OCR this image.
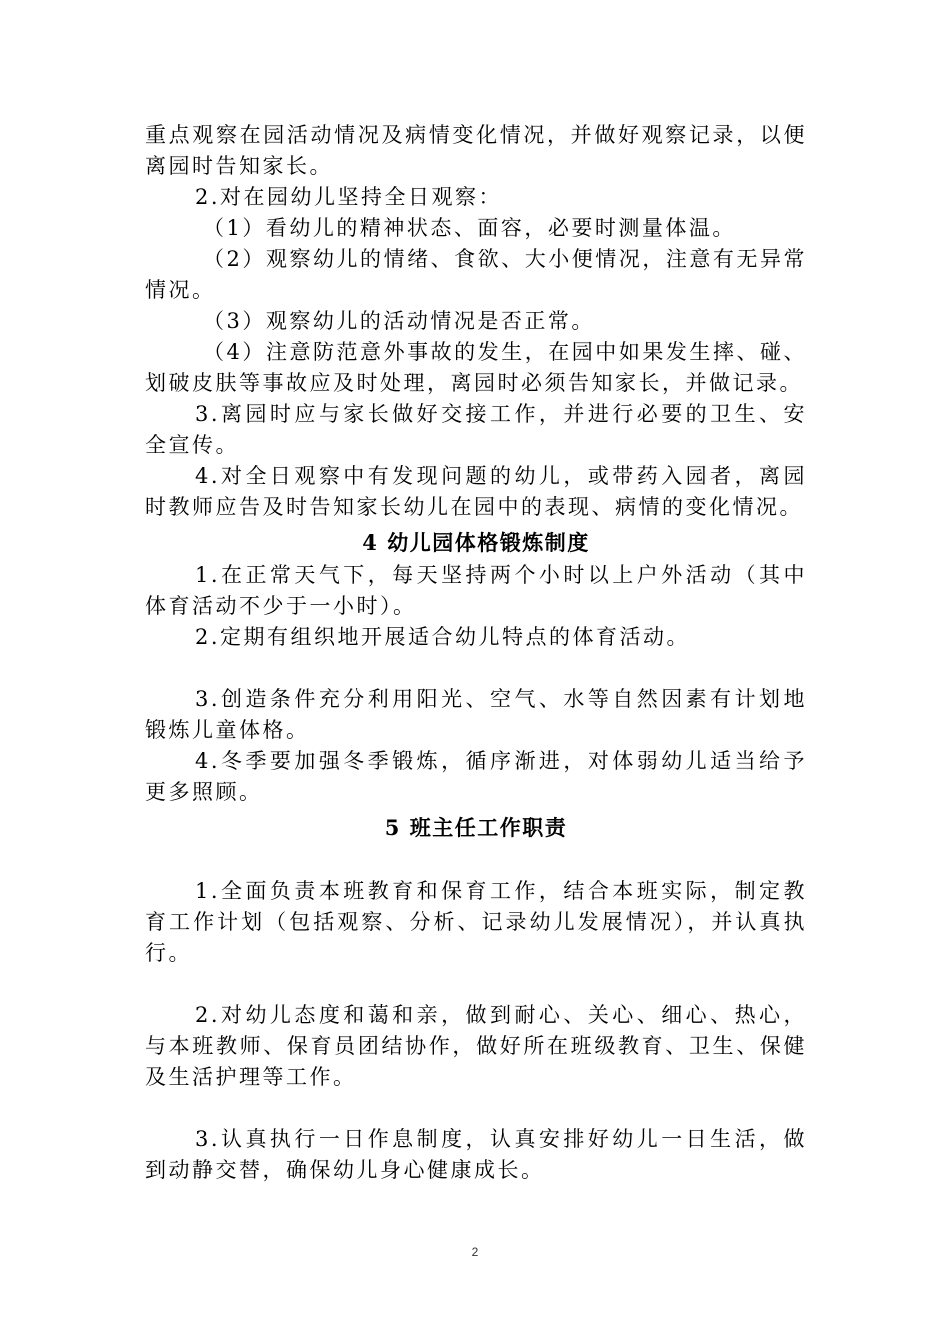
重点观察在园活动情况及病情变化情况，并做好观察记录，以便离园时告知家长。

2.对在园幼儿坚持全日观察：

（1）看幼儿的精神状态、面容，必要时测量体温。

（2）观察幼儿的情绪、食欲、大小便情况，注意有无异常情况。

（3）观察幼儿的活动情况是否正常。

（4）注意防范意外事故的发生，在园中如果发生摔、碰、划破皮肤等事故应及时处理，离园时必须告知家长，并做记录。

3.离园时应与家长做好交接工作，并进行必要的卫生、安全宣传。

4.对全日观察中有发现问题的幼儿，或带药入园者，离园时教师应告及时告知家长幼儿在园中的表现、病情的变化情况。

4 幼儿园体格锻炼制度

1.在正常天气下，每天坚持两个小时以上户外活动（其中体育活动不少于一小时）。

2.定期有组织地开展适合幼儿特点的体育活动。

3.创造条件充分利用阳光、空气、水等自然因素有计划地锻炼儿童体格。

4.冬季要加强冬季锻炼，循序渐进，对体弱幼儿适当给予更多照顾。

5 班主任工作职责

1.全面负责本班教育和保育工作，结合本班实际，制定教育工作计划（包括观察、分析、记录幼儿发展情况），并认真执行。

2.对幼儿态度和蔼和亲，做到耐心、关心、细心、热心，与本班教师、保育员团结协作，做好所在班级教育、卫生、保健及生活护理等工作。

3.认真执行一日作息制度，认真安排好幼儿一日生活，做到动静交替，确保幼儿身心健康成长。

2
